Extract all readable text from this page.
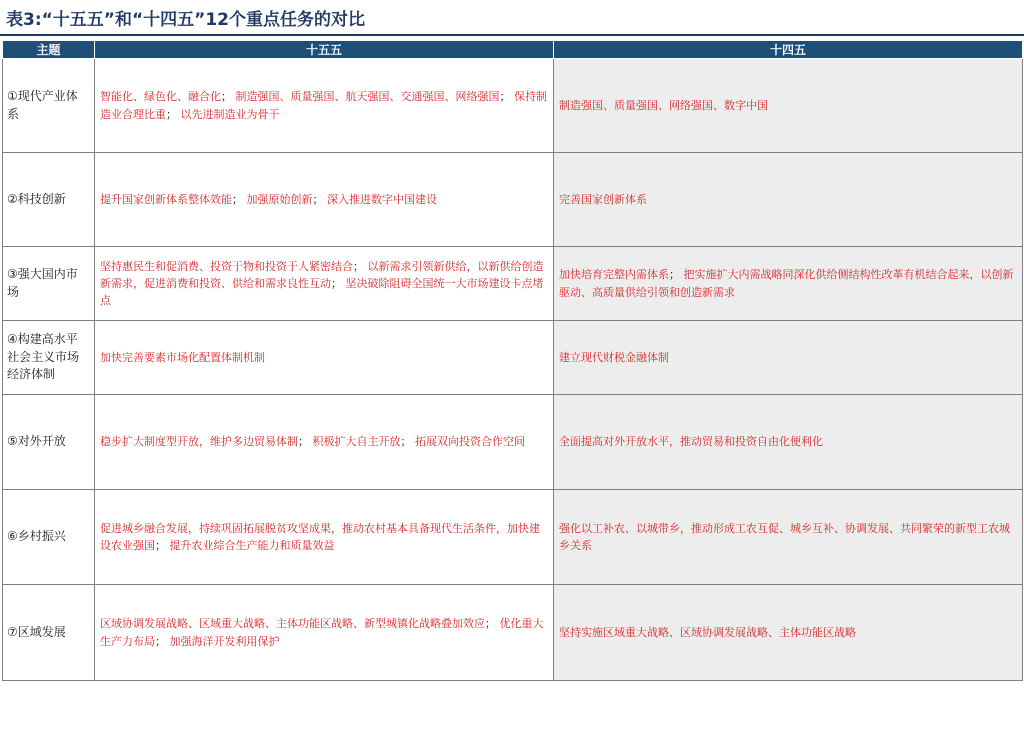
表3:“十五五”和“十四五”12个重点任务的对比
主题	十五五	十四五
①现代产业体系	智能化、绿色化、融合化； 制造强国、质量强国、航天强国、交通强国、网络强国； 保持制造业合理比重； 以先进制造业为骨干	制造强国、质量强国、网络强国、数字中国
②科技创新	提升国家创新体系整体效能； 加强原始创新； 深入推进数字中国建设	完善国家创新体系
③强大国内市场	坚持惠民生和促消费、投资于物和投资于人紧密结合； 以新需求引领新供给，以新供给创造新需求，促进消费和投资、供给和需求良性互动； 坚决破除阻碍全国统一大市场建设卡点堵点	加快培育完整内需体系； 把实施扩大内需战略同深化供给侧结构性改革有机结合起来，以创新驱动、高质量供给引领和创造新需求
④构建高水平社会主义市场经济体制	加快完善要素市场化配置体制机制	建立现代财税金融体制
⑤对外开放	稳步扩大制度型开放，维护多边贸易体制； 积极扩大自主开放； 拓展双向投资合作空间	全面提高对外开放水平，推动贸易和投资自由化便利化
⑥乡村振兴	促进城乡融合发展，持续巩固拓展脱贫攻坚成果，推动农村基本具备现代生活条件，加快建设农业强国； 提升农业综合生产能力和质量效益	强化以工补农、以城带乡，推动形成工农互促、城乡互补、协调发展、共同繁荣的新型工农城乡关系
⑦区域发展	区域协调发展战略、区域重大战略、主体功能区战略、新型城镇化战略叠加效应； 优化重大生产力布局； 加强海洋开发利用保护	坚持实施区域重大战略、区域协调发展战略、主体功能区战略
